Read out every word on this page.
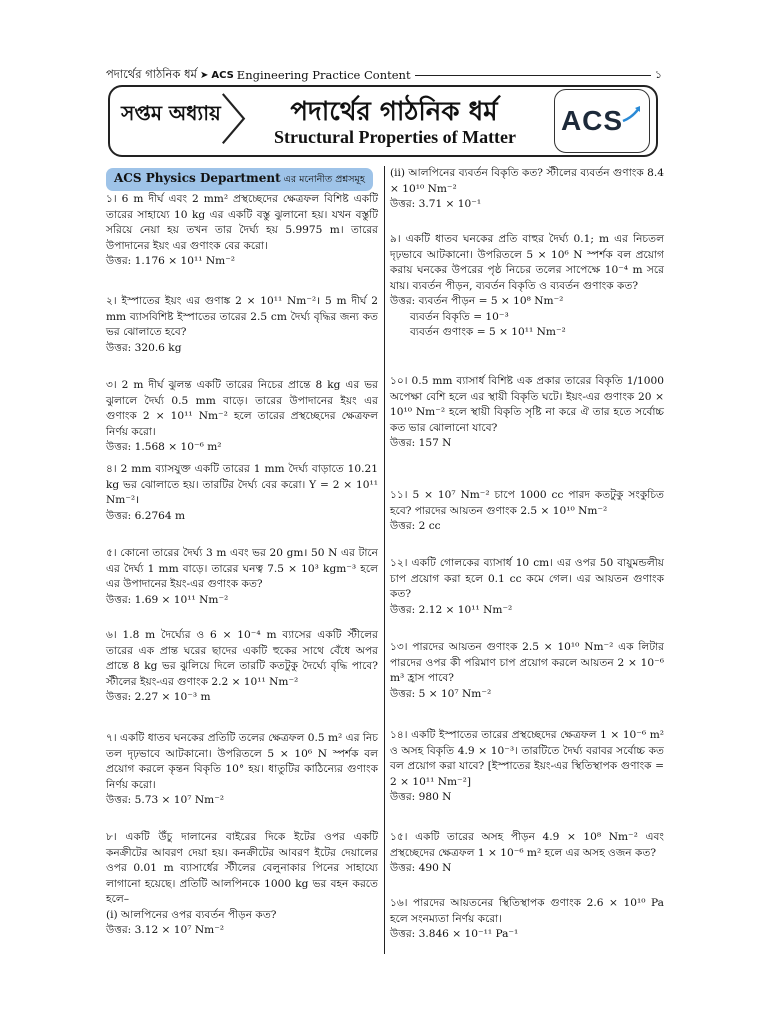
পদার্থের গাঠনিক ধর্ম ➤ ACS Engineering Practice Content	১
সপ্তম অধ্যায় 〉 পদার্থের গাঠনিক ধর্ম
Structural Properties of Matter
ACS
ACS Physics Department এর মনোনীত প্রশ্নসমূহ
১। 6 m দীর্ঘ এবং 2 mm² প্রস্থচ্ছেদের ক্ষেত্রফল বিশিষ্ট একটি তারের সাহায্যে 10 kg এর একটি বস্তু ঝুলানো হয়। যখন বস্তুটি সরিয়ে নেয়া হয় তখন তার দৈর্ঘ্য হয় 5.9975 m। তারের উপাদানের ইয়ং এর গুণাংক বের করো।
উত্তর: 1.176 × 10¹¹ Nm⁻²
২। ইস্পাতের ইয়ং এর গুণাঙ্ক 2 × 10¹¹ Nm⁻²। 5 m দীর্ঘ 2 mm ব্যাসবিশিষ্ট ইস্পাতের তারের 2.5 cm দৈর্ঘ্য বৃদ্ধির জন্য কত ভর ঝোলাতে হবে?
উত্তর: 320.6 kg
৩। 2 m দীর্ঘ ঝুলন্ত একটি তারের নিচের প্রান্তে 8 kg এর ভর ঝুলালে দৈর্ঘ্য 0.5 mm বাড়ে। তারের উপাদানের ইয়ং এর গুণাংক 2 × 10¹¹ Nm⁻² হলে তারের প্রস্থচ্ছেদের ক্ষেত্রফল নির্ণয় করো।
উত্তর: 1.568 × 10⁻⁶ m²
৪। 2 mm ব্যাসযুক্ত একটি তারের 1 mm দৈর্ঘ্য বাড়াতে 10.21 kg ভর ঝোলাতে হয়। তারটির দৈর্ঘ্য বের করো। Y = 2 × 10¹¹ Nm⁻²।
উত্তর: 6.2764 m
৫। কোনো তারের দৈর্ঘ্য 3 m এবং ভর 20 gm। 50 N এর টানে এর দৈর্ঘ্য 1 mm বাড়ে। তারের ঘনত্ব 7.5 × 10³ kgm⁻³ হলে এর উপাদানের ইয়ং-এর গুণাংক কত?
উত্তর: 1.69 × 10¹¹ Nm⁻²
৬। 1.8 m দৈর্ঘ্যের ও 6 × 10⁻⁴ m ব্যাসের একটি স্টীলের তারের এক প্রান্ত ঘরের ছাদের একটি হুকের সাথে বেঁধে অপর প্রান্তে 8 kg ভর ঝুলিয়ে দিলে তারটি কতটুকু দৈর্ঘ্যে বৃদ্ধি পাবে? স্টীলের ইয়ং-এর গুণাংক 2.2 × 10¹¹ Nm⁻²
উত্তর: 2.27 × 10⁻³ m
৭। একটি ধাতব ঘনকের প্রতিটি তলের ক্ষেত্রফল 0.5 m² এর নিচ তল দৃঢ়ভাবে আটকানো। উপরিতলে 5 × 10⁶ N স্পর্শক বল প্রয়োগ করলে কৃন্তন বিকৃতি 10° হয়। ধাতুটির কাঠিন্যের গুণাংক নির্ণয় করো।
উত্তর: 5.73 × 10⁷ Nm⁻²
৮। একটি উঁচু দালানের বাইরের দিকে ইটের ওপর একটি কনক্রীটের আবরণ দেয়া হয়। কনক্রীটের আবরণ ইটের দেয়ালের ওপর 0.01 m ব্যাসার্ধের স্টীলের বেলুনাকার পিনের সাহায্যে লাগানো হয়েছে। প্রতিটি আলপিনকে 1000 kg ভর বহন করতে হলে–
(i) আলপিনের ওপর ব্যবর্তন পীড়ন কত?
উত্তর: 3.12 × 10⁷ Nm⁻²
(ii) আলপিনের ব্যবর্তন বিকৃতি কত? স্টীলের ব্যবর্তন গুণাংক 8.4 × 10¹⁰ Nm⁻²
উত্তর: 3.71 × 10⁻¹
৯। একটি ধাতব ঘনকের প্রতি বাহুর দৈর্ঘ্য 0.1; m এর নিচতল দৃঢ়ভাবে আটকানো। উপরিতলে 5 × 10⁶ N স্পর্শক বল প্রয়োগ করায় ঘনকের উপরের পৃষ্ঠ নিচের তলের সাপেক্ষে 10⁻⁴ m সরে যায়। ব্যবর্তন পীড়ন, ব্যবর্তন বিকৃতি ও ব্যবর্তন গুণাংক কত?
উত্তর: ব্যবর্তন পীড়ন = 5 × 10⁸ Nm⁻²
ব্যবর্তন বিকৃতি = 10⁻³
ব্যবর্তন গুণাংক = 5 × 10¹¹ Nm⁻²
১০। 0.5 mm ব্যাসার্ধ বিশিষ্ট এক প্রকার তারের বিকৃতি 1/1000 অপেক্ষা বেশি হলে এর স্থায়ী বিকৃতি ঘটে। ইয়ং-এর গুণাংক 20 × 10¹⁰ Nm⁻² হলে স্থায়ী বিকৃতি সৃষ্টি না করে ঐ তার হতে সর্বোচ্চ কত ভার ঝোলানো যাবে?
উত্তর: 157 N
১১। 5 × 10⁷ Nm⁻² চাপে 1000 cc পারদ কতটুকু সংকুচিত হবে? পারদের আয়তন গুণাংক 2.5 × 10¹⁰ Nm⁻²
উত্তর: 2 cc
১২। একটি গোলকের ব্যাসার্ধ 10 cm। এর ওপর 50 বায়ুমন্ডলীয় চাপ প্রয়োগ করা হলে 0.1 cc কমে গেল। এর আয়তন গুণাংক কত?
উত্তর: 2.12 × 10¹¹ Nm⁻²
১৩। পারদের আয়তন গুণাংক 2.5 × 10¹⁰ Nm⁻² এক লিটার পারদের ওপর কী পরিমাণ চাপ প্রয়োগ করলে আয়তন 2 × 10⁻⁶ m³ হ্রাস পাবে?
উত্তর: 5 × 10⁷ Nm⁻²
১৪। একটি ইস্পাতের তারের প্রস্থচ্ছেদের ক্ষেত্রফল 1 × 10⁻⁶ m² ও অসহ বিকৃতি 4.9 × 10⁻³। তারটিতে দৈর্ঘ্য বরাবর সর্বোচ্চ কত বল প্রয়োগ করা যাবে? [ইস্পাতের ইয়ং-এর স্থিতিস্থাপক গুণাংক = 2 × 10¹¹ Nm⁻²]
উত্তর: 980 N
১৫। একটি তারের অসহ পীড়ন 4.9 × 10⁸ Nm⁻² এবং প্রস্থচ্ছেদের ক্ষেত্রফল 1 × 10⁻⁶ m² হলে এর অসহ ওজন কত?
উত্তর: 490 N
১৬। পারদের আয়তনের স্থিতিস্থাপক গুণাংক 2.6 × 10¹⁰ Pa হলে সংনম্যতা নির্ণয় করো।
উত্তর: 3.846 × 10⁻¹¹ Pa⁻¹
